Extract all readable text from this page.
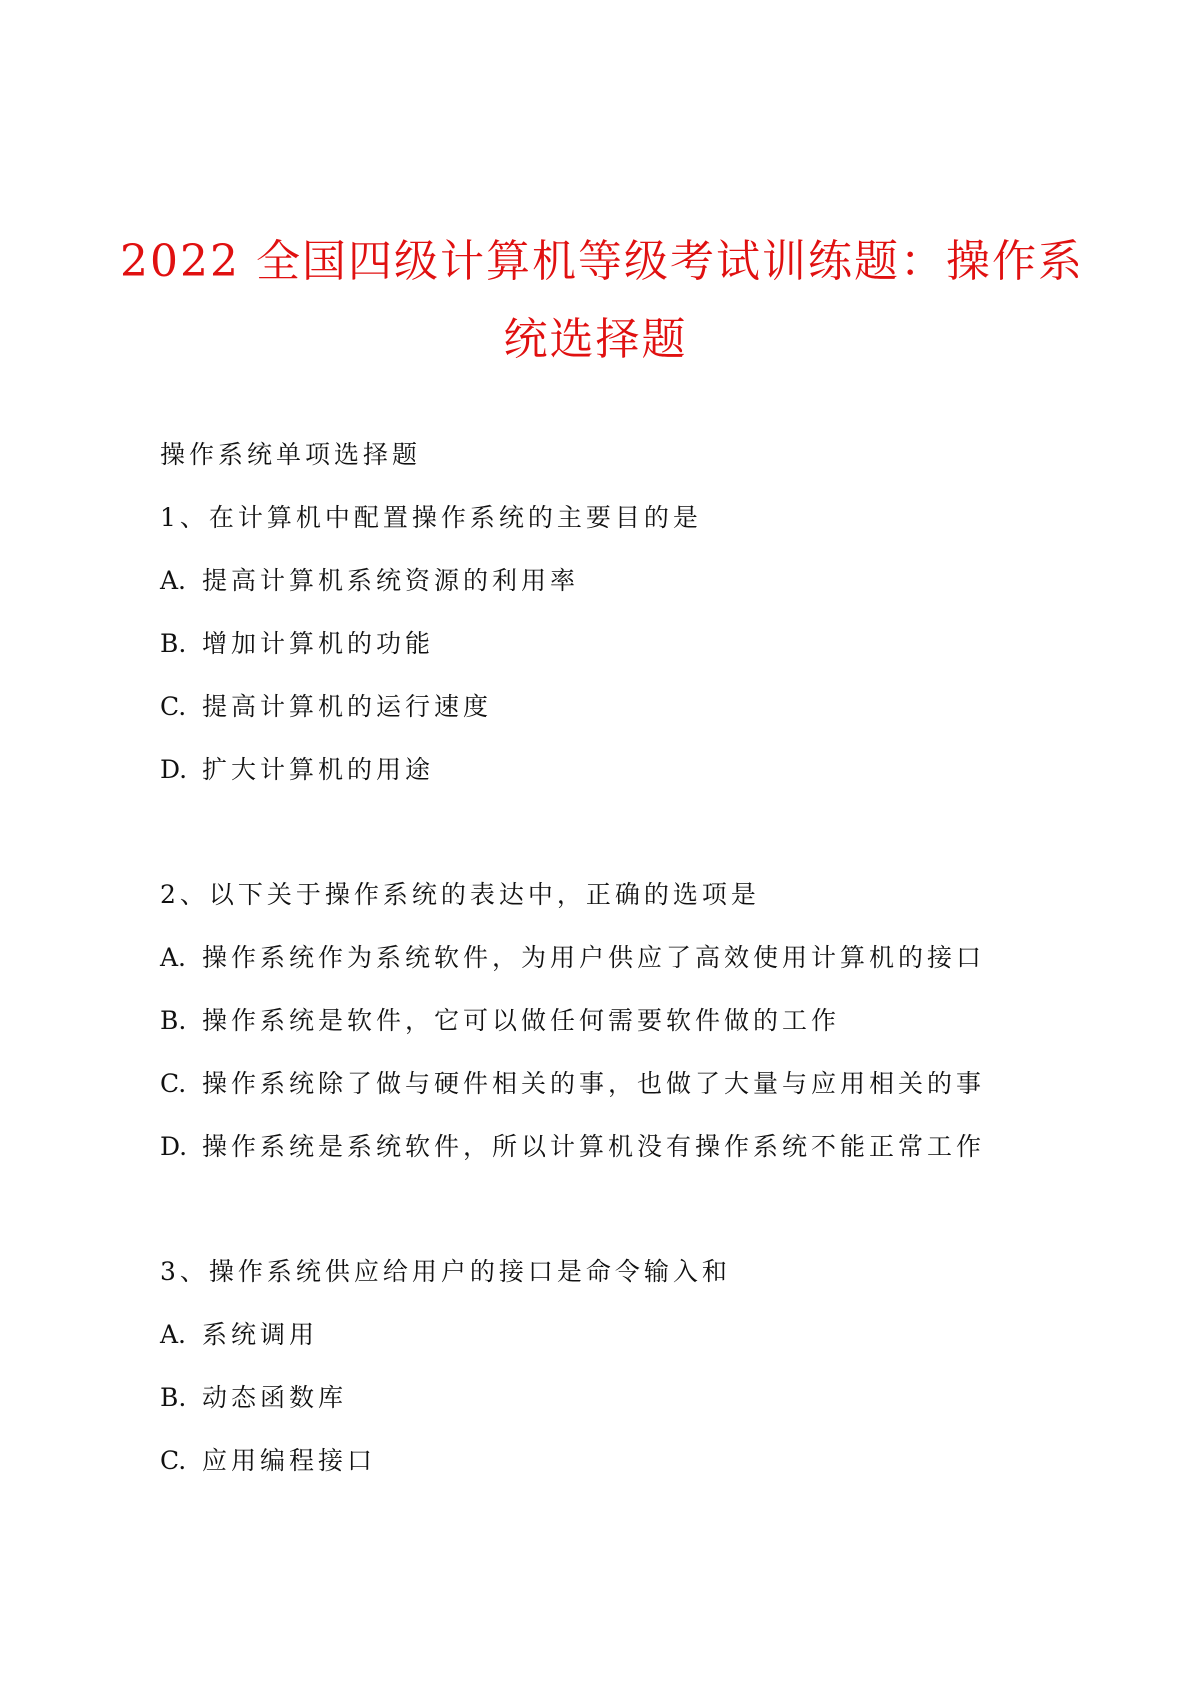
2022 全国四级计算机等级考试训练题：操作系
统选择题
操作系统单项选择题
1、在计算机中配置操作系统的主要目的是
A. 提高计算机系统资源的利用率
B. 增加计算机的功能
C. 提高计算机的运行速度
D. 扩大计算机的用途
2、以下关于操作系统的表达中，正确的选项是
A. 操作系统作为系统软件，为用户供应了高效使用计算机的接口
B. 操作系统是软件，它可以做任何需要软件做的工作
C. 操作系统除了做与硬件相关的事，也做了大量与应用相关的事
D. 操作系统是系统软件，所以计算机没有操作系统不能正常工作
3、操作系统供应给用户的接口是命令输入和
A. 系统调用
B. 动态函数库
C. 应用编程接口
